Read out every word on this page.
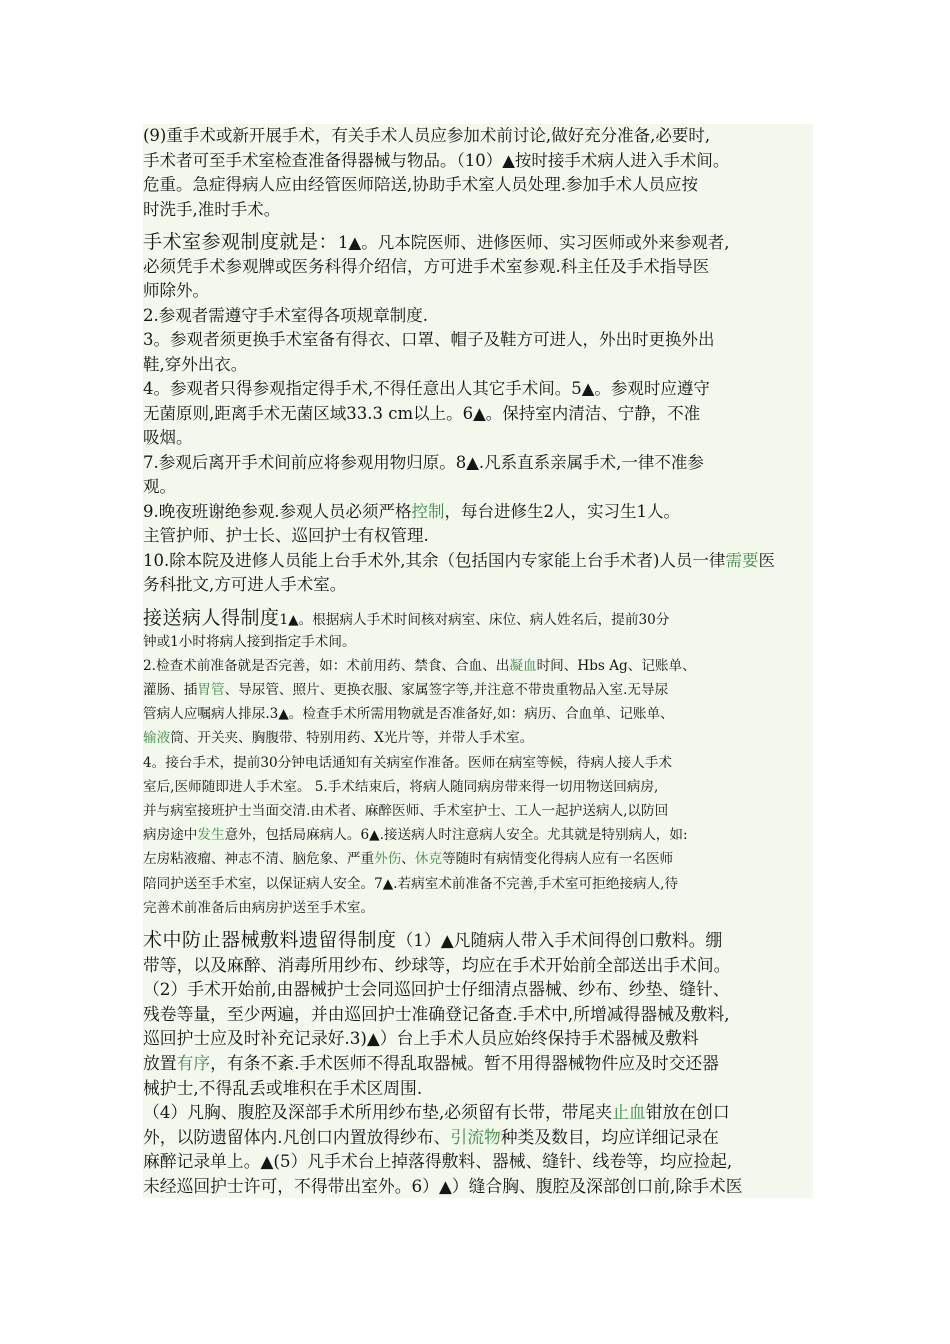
(9)重手术或新开展手术，有关手术人员应参加术前讨论,做好充分准备,必要时,
手术者可至手术室检查准备得器械与物品。（10）▲按时接手术病人进入手术间。
危重。急症得病人应由经管医师陪送,协助手术室人员处理.参加手术人员应按
时洗手,准时手术。
手术室参观制度就是：1▲。凡本院医师、进修医师、实习医师或外来参观者,
必须凭手术参观牌或医务科得介绍信，方可进手术室参观.科主任及手术指导医
师除外。
2.参观者需遵守手术室得各项规章制度.
3。参观者须更换手术室备有得衣、口罩、帽子及鞋方可进人，外出时更换外出
鞋,穿外出衣。
4。参观者只得参观指定得手术,不得任意出人其它手术间。5▲。参观时应遵守
无菌原则,距离手术无菌区域33.3 cm以上。6▲。保持室内清洁、宁静，不准
吸烟。
7.参观后离开手术间前应将参观用物归原。8▲.凡系直系亲属手术,一律不准参
观。
9.晚夜班谢绝参观.参观人员必须严格控制，每台进修生2人，实习生1人。
主管护师、护士长、巡回护士有权管理.
10.除本院及进修人员能上台手术外,其余（包括国内专家能上台手术者)人员一律需要医
务科批文,方可进人手术室。
接送病人得制度1▲。根据病人手术时间核对病室、床位、病人姓名后，提前30分
钟或1小时将病人接到指定手术间。
2.检查术前准备就是否完善，如：术前用药、禁食、合血、出凝血时间、Hbs Ag、记账单、
灌肠、插胃管、导尿管、照片、更换衣服、家属签字等,并注意不带贵重物品入室.无导尿
管病人应嘱病人排尿.3▲。检查手术所需用物就是否准备好,如：病历、合血单、记账单、
输液筒、开关夹、胸腹带、特别用药、X光片等，并带人手术室。
4。接台手术，提前30分钟电话通知有关病室作准备。医师在病室等候，待病人接人手术
室后,医师随即进人手术室。 5.手术结束后，将病人随同病房带来得一切用物送回病房,
并与病室接班护士当面交清.由术者、麻醉医师、手术室护士、工人一起护送病人,以防回
病房途中发生意外，包括局麻病人。6▲.接送病人时注意病人安全。尤其就是特别病人，如:
左房粘液瘤、神志不清、脑危象、严重外伤、休克等随时有病情变化得病人应有一名医师
陪同护送至手术室，以保证病人安全。7▲.若病室术前准备不完善,手术室可拒绝接病人,待
完善术前准备后由病房护送至手术室。
术中防止器械敷料遗留得制度（1）▲凡随病人带入手术间得创口敷料。绷
带等，以及麻醉、消毒所用纱布、纱球等，均应在手术开始前全部送出手术间。
（2）手术开始前,由器械护士会同巡回护士仔细清点器械、纱布、纱垫、缝针、
残卷等量，至少两遍，并由巡回护士准确登记备查.手术中,所增减得器械及敷料,
巡回护士应及时补充记录好.3)▲）台上手术人员应始终保持手术器械及敷料
放置有序，有条不紊.手术医师不得乱取器械。暂不用得器械物件应及时交还器
械护士,不得乱丢或堆积在手术区周围.
（4）凡胸、腹腔及深部手术所用纱布垫,必须留有长带，带尾夹止血钳放在创口
外，以防遗留体内.凡创口内置放得纱布、引流物种类及数目，均应详细记录在
麻醉记录单上。▲(5）凡手术台上掉落得敷料、器械、缝针、线卷等，均应捡起,
未经巡回护士许可，不得带出室外。6）▲）缝合胸、腹腔及深部创口前,除手术医
